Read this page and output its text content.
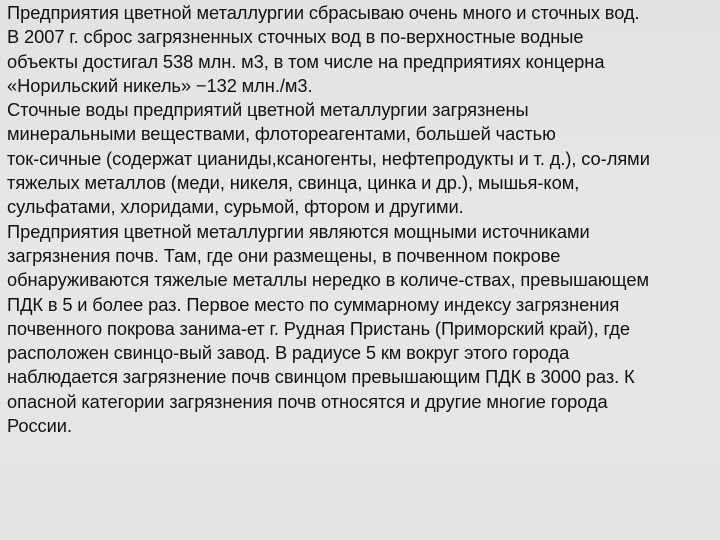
Предприятия цветной металлургии сбрасываю очень много и сточных вод.
В 2007 г. сброс загрязненных сточных вод в по-верхностные водные
объекты достигал 538 млн. м3, в том числе на предприятиях концерна
«Норильский никель» −132 млн./м3.
Сточные воды предприятий цветной металлургии загрязнены
минеральными веществами, флотореагентами, большей частью
ток-сичные (содержат цианиды,ксаногенты, нефтепродукты и т. д.), со-лями
тяжелых металлов (меди, никеля, свинца, цинка и др.), мышья-ком,
сульфатами, хлоридами, сурьмой, фтором и другими.
Предприятия цветной металлургии являются мощными источниками
загрязнения почв. Там, где они размещены, в почвенном покрове
обнаруживаются тяжелые металлы нередко в количе-ствах, превышающем
ПДК в 5 и более раз. Первое место по суммарному индексу загрязнения
почвенного покрова занима-ет г. Рудная Пристань (Приморский край), где
расположен свинцо-вый завод. В радиусе 5 км вокруг этого города
наблюдается загрязнение почв свинцом превышающим ПДК в 3000 раз. К
опасной категории загрязнения почв относятся и другие многие города
России.
